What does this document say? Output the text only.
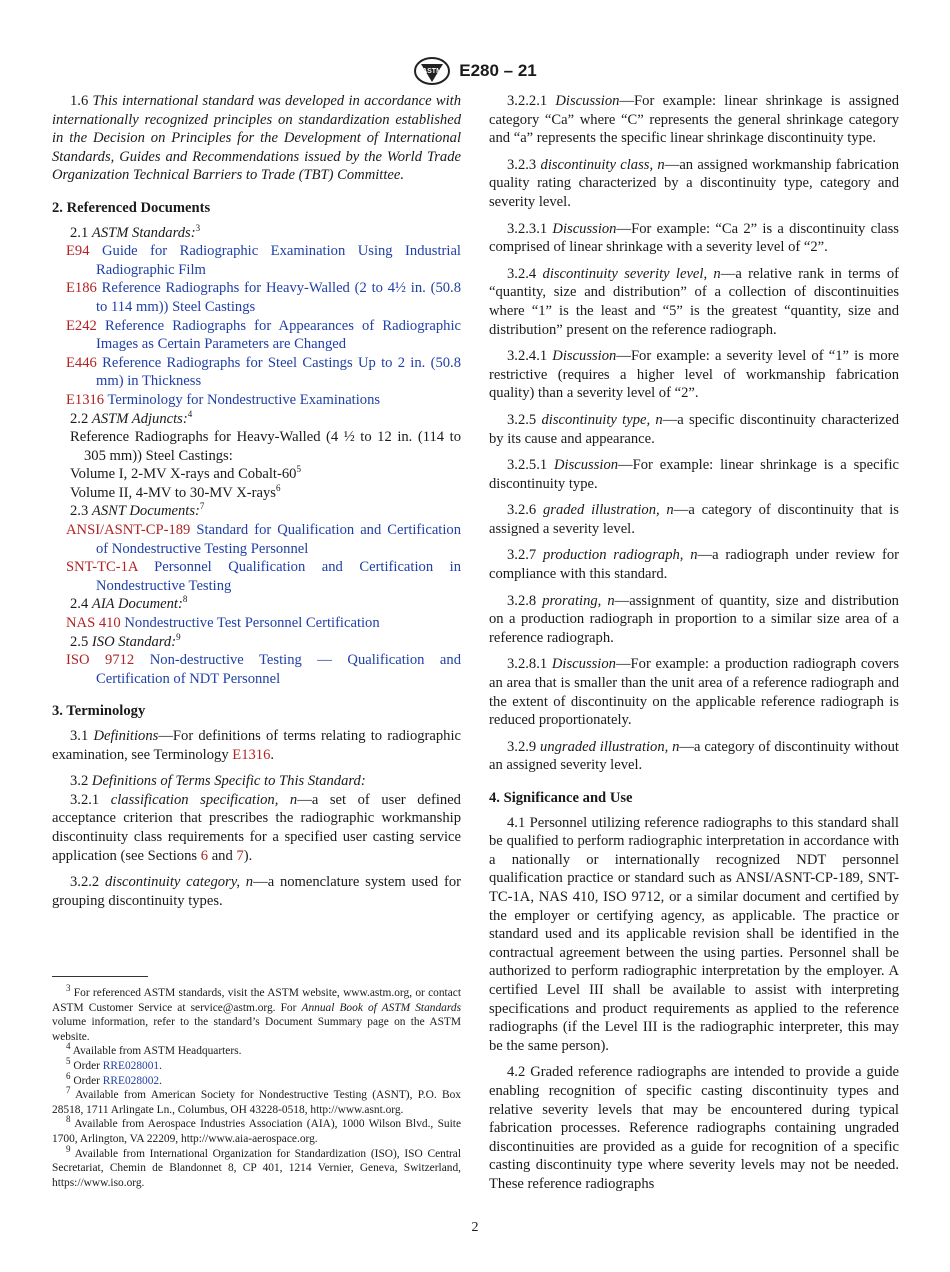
ASTM E280 – 21

1.6 This international standard was developed in accordance with internationally recognized principles on standardization established in the Decision on Principles for the Development of International Standards, Guides and Recommendations issued by the World Trade Organization Technical Barriers to Trade (TBT) Committee.

2. Referenced Documents

2.1 ASTM Standards:$^3$

E94 Guide for Radiographic Examination Using Industrial Radiographic Film

E186 Reference Radiographs for Heavy-Walled (2 to 4½ in. (50.8 to 114 mm)) Steel Castings

E242 Reference Radiographs for Appearances of Radiographic Images as Certain Parameters are Changed

E446 Reference Radiographs for Steel Castings Up to 2 in. (50.8 mm) in Thickness

E1316 Terminology for Nondestructive Examinations

2.2 ASTM Adjuncts:$^4$

Reference Radiographs for Heavy-Walled (4 ½ to 12 in. (114 to 305 mm)) Steel Castings:

Volume I, 2-MV X-rays and Cobalt-$60^5$

Volume II, 4-MV to 30-MV X-rays$^6$

2.3 ASNT Documents:$^7$

ANSI/ASNT-CP-189 Standard for Qualification and Certification of Nondestructive Testing Personnel

SNT-TC-1A Personnel Qualification and Certification in Nondestructive Testing

2.4 AIA Document:$^8$

NAS 410 Nondestructive Test Personnel Certification

2.5 ISO Standard:$^9$

ISO 9712 Non-destructive Testing — Qualification and Certification of NDT Personnel

3. Terminology

3.1 Definitions—For definitions of terms relating to radiographic examination, see Terminology E1316.

3.2 Definitions of Terms Specific to This Standard:

3.2.1 classification specification, n—a set of user defined acceptance criterion that prescribes the radiographic workmanship discontinuity class requirements for a specified user casting service application (see Sections 6 and 7).

3.2.2 discontinuity category, n—a nomenclature system used for grouping discontinuity types.

$^3$ For referenced ASTM standards, visit the ASTM website, www.astm.org, or contact ASTM Customer Service at service@astm.org. For Annual Book of ASTM Standards volume information, refer to the standard’s Document Summary page on the ASTM website.

$^4$ Available from ASTM Headquarters.

$^5$ Order RRE028001.

$^6$ Order RRE028002.

$^7$ Available from American Society for Nondestructive Testing (ASNT), P.O. Box 28518, 1711 Arlingate Ln., Columbus, OH 43228-0518, http://www.asnt.org.

$^8$ Available from Aerospace Industries Association (AIA), 1000 Wilson Blvd., Suite 1700, Arlington, VA 22209, http://www.aia-aerospace.org.

$^9$ Available from International Organization for Standardization (ISO), ISO Central Secretariat, Chemin de Blandonnet 8, CP 401, 1214 Vernier, Geneva, Switzerland, https://www.iso.org.

3.2.2.1 Discussion—For example: linear shrinkage is assigned category “Ca” where “C” represents the general shrinkage category and “a” represents the specific linear shrinkage discontinuity type.

3.2.3 discontinuity class, n—an assigned workmanship fabrication quality rating characterized by a discontinuity type, category and severity level.

3.2.3.1 Discussion—For example: “Ca 2” is a discontinuity class comprised of linear shrinkage with a severity level of “2”.

3.2.4 discontinuity severity level, n—a relative rank in terms of “quantity, size and distribution” of a collection of discontinuities where “1” is the least and “5” is the greatest “quantity, size and distribution” present on the reference radiograph.

3.2.4.1 Discussion—For example: a severity level of “1” is more restrictive (requires a higher level of workmanship fabrication quality) than a severity level of “2”.

3.2.5 discontinuity type, n—a specific discontinuity characterized by its cause and appearance.

3.2.5.1 Discussion—For example: linear shrinkage is a specific discontinuity type.

3.2.6 graded illustration, n—a category of discontinuity that is assigned a severity level.

3.2.7 production radiograph, n—a radiograph under review for compliance with this standard.

3.2.8 prorating, n—assignment of quantity, size and distribution on a production radiograph in proportion to a similar size area of a reference radiograph.

3.2.8.1 Discussion—For example: a production radiograph covers an area that is smaller than the unit area of a reference radiograph and the extent of discontinuity on the applicable reference radiograph is reduced proportionately.

3.2.9 ungraded illustration, n—a category of discontinuity without an assigned severity level.

4. Significance and Use

4.1 Personnel utilizing reference radiographs to this standard shall be qualified to perform radiographic interpretation in accordance with a nationally or internationally recognized NDT personnel qualification practice or standard such as ANSI/ASNT-CP-189, SNT-TC-1A, NAS 410, ISO 9712, or a similar document and certified by the employer or certifying agency, as applicable. The practice or standard used and its applicable revision shall be identified in the contractual agreement between the using parties. Personnel shall be authorized to perform radiographic interpretation by the employer. A certified Level III shall be available to assist with interpreting specifications and product requirements as applied to the reference radiographs (if the Level III is the radiographic interpreter, this may be the same person).

4.2 Graded reference radiographs are intended to provide a guide enabling recognition of specific casting discontinuity types and relative severity levels that may be encountered during typical fabrication processes. Reference radiographs containing ungraded discontinuities are provided as a guide for recognition of a specific casting discontinuity type where severity levels may not be needed. These reference radiographs

2
